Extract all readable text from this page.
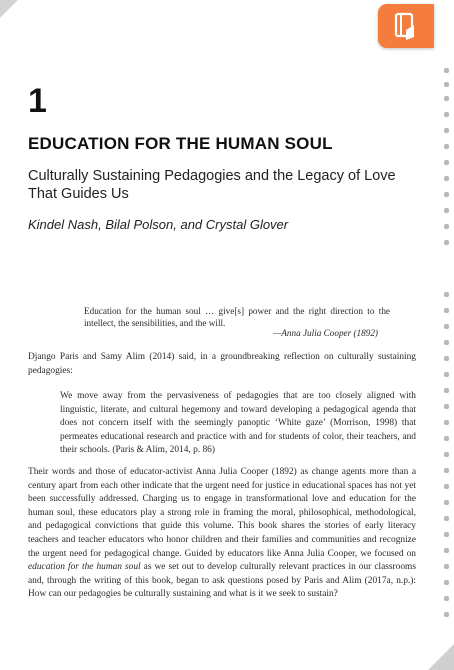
1
EDUCATION FOR THE HUMAN SOUL
Culturally Sustaining Pedagogies and the Legacy of Love That Guides Us
Kindel Nash, Bilal Polson, and Crystal Glover
Education for the human soul … give[s] power and the right direction to the intellect, the sensibilities, and the will.
—Anna Julia Cooper (1892)
Django Paris and Samy Alim (2014) said, in a groundbreaking reflection on culturally sustaining pedagogies:
We move away from the pervasiveness of pedagogies that are too closely aligned with linguistic, literate, and cultural hegemony and toward developing a pedagogical agenda that does not concern itself with the seemingly panoptic ‘White gaze’ (Morrison, 1998) that permeates educational research and practice with and for students of color, their teachers, and their schools. (Paris & Alim, 2014, p. 86)
Their words and those of educator-activist Anna Julia Cooper (1892) as change agents more than a century apart from each other indicate that the urgent need for justice in educational spaces has not yet been successfully addressed. Charging us to engage in transformational love and education for the human soul, these educators play a strong role in framing the moral, philosophical, methodological, and pedagogical convictions that guide this volume. This book shares the stories of early literacy teachers and teacher educators who honor children and their families and communities and recognize the urgent need for pedagogical change. Guided by educators like Anna Julia Cooper, we focused on education for the human soul as we set out to develop culturally relevant practices in our classrooms and, through the writing of this book, began to ask questions posed by Paris and Alim (2017a, n.p.): How can our pedagogies be culturally sustaining and what is it we seek to sustain?
